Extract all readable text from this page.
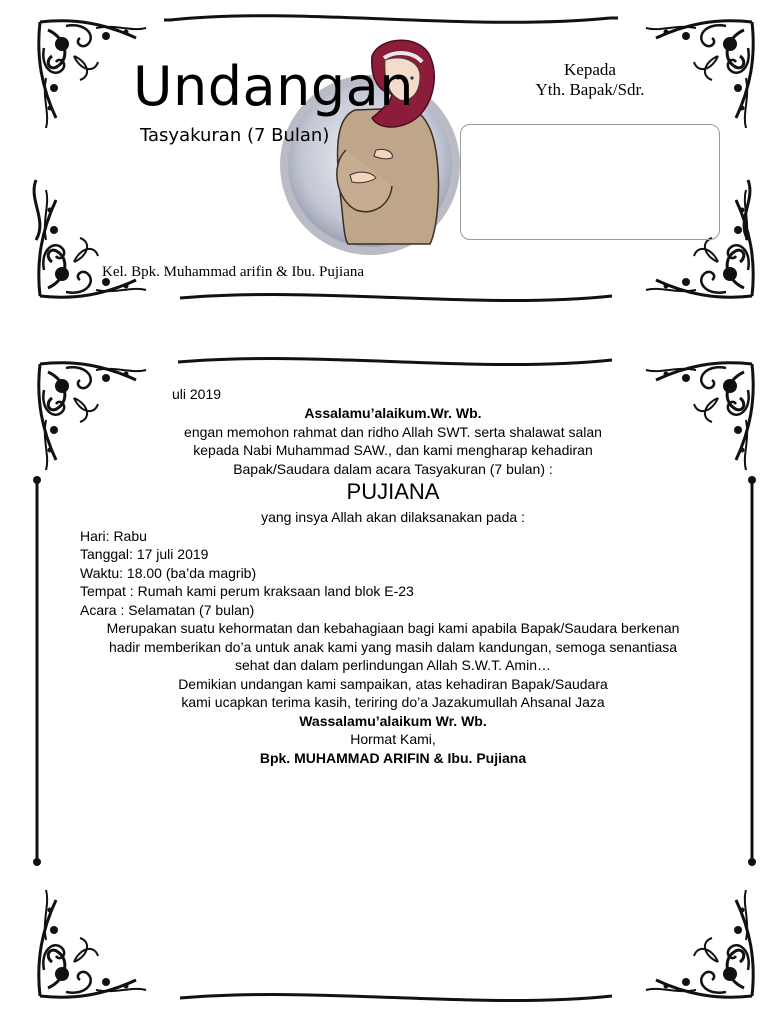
Undangan
Tasyakuran (7 Bulan)
Kepada
Yth. Bapak/Sdr.
Kel. Bpk. Muhammad arifin & Ibu. Pujiana
uli 2019
Assalamu’alaikum.Wr. Wb.
engan memohon rahmat dan ridho Allah SWT. serta shalawat salan
kepada Nabi Muhammad SAW., dan kami mengharap kehadiran
Bapak/Saudara dalam acara Tasyakuran (7 bulan) :
PUJIANA
yang insya Allah akan dilaksanakan pada :
Hari: Rabu
Tanggal: 17 juli 2019
Waktu: 18.00 (ba’da magrib)
Tempat : Rumah kami perum kraksaan land blok E-23
Acara : Selamatan (7 bulan)
Merupakan suatu kehormatan dan kebahagiaan bagi kami apabila Bapak/Saudara berkenan
hadir memberikan do’a untuk anak kami yang masih dalam kandungan, semoga senantiasa
sehat dan dalam perlindungan Allah S.W.T. Amin…
Demikian undangan kami sampaikan, atas kehadiran Bapak/Saudara
kami ucapkan terima kasih, teriring do’a Jazakumullah Ahsanal Jaza
Wassalamu’alaikum Wr. Wb.
Hormat Kami,
Bpk. MUHAMMAD ARIFIN & Ibu. Pujiana
